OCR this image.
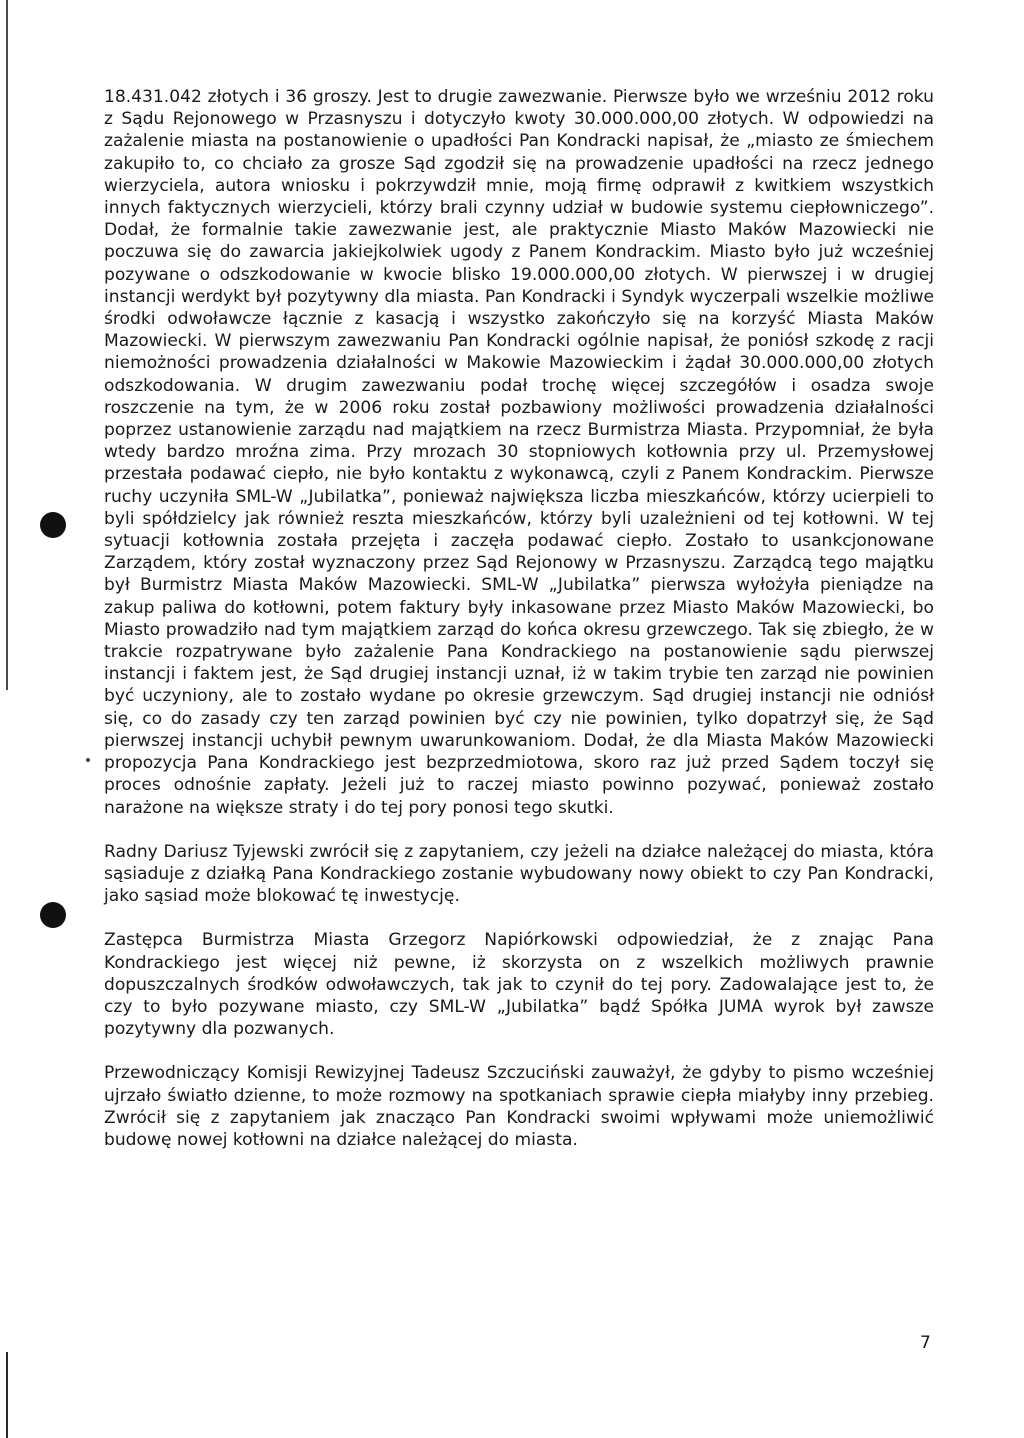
18.431.042 złotych i 36 groszy. Jest to drugie zawezwanie. Pierwsze było we wrześniu 2012 roku z Sądu Rejonowego w Przasnyszu i dotyczyło kwoty 30.000.000,00 złotych. W odpowiedzi na zażalenie miasta na postanowienie o upadłości Pan Kondracki napisał, że „miasto ze śmiechem zakupiło to, co chciało za grosze Sąd zgodził się na prowadzenie upadłości na rzecz jednego wierzyciela, autora wniosku i pokrzywdził mnie, moją firmę odprawił z kwitkiem wszystkich innych faktycznych wierzycieli, którzy brali czynny udział w budowie systemu ciepłowniczego”. Dodał, że formalnie takie zawezwanie jest, ale praktycznie Miasto Maków Mazowiecki nie poczuwa się do zawarcia jakiejkolwiek ugody z Panem Kondrackim. Miasto było już wcześniej pozywane o odszkodowanie w kwocie blisko 19.000.000,00 złotych. W pierwszej i w drugiej instancji werdykt był pozytywny dla miasta. Pan Kondracki i Syndyk wyczerpali wszelkie możliwe środki odwoławcze łącznie z kasacją i wszystko zakończyło się na korzyść Miasta Maków Mazowiecki. W pierwszym zawezwaniu Pan Kondracki ogólnie napisał, że poniósł szkodę z racji niemożności prowadzenia działalności w Makowie Mazowieckim i żądał 30.000.000,00 złotych odszkodowania. W drugim zawezwaniu podał trochę więcej szczegółów i osadza swoje roszczenie na tym, że w 2006 roku został pozbawiony możliwości prowadzenia działalności poprzez ustanowienie zarządu nad majątkiem na rzecz Burmistrza Miasta. Przypomniał, że była wtedy bardzo mroźna zima. Przy mrozach 30 stopniowych kotłownia przy ul. Przemysłowej przestała podawać ciepło, nie było kontaktu z wykonawcą, czyli z Panem Kondrackim. Pierwsze ruchy uczyniła SML-W „Jubilatka”, ponieważ największa liczba mieszkańców, którzy ucierpieli to byli spółdzielcy jak również reszta mieszkańców, którzy byli uzależnieni od tej kotłowni. W tej sytuacji kotłownia została przejęta i zaczęła podawać ciepło. Zostało to usankcjonowane Zarządem, który został wyznaczony przez Sąd Rejonowy w Przasnyszu. Zarządcą tego majątku był Burmistrz Miasta Maków Mazowiecki. SML-W „Jubilatka” pierwsza wyłożyła pieniądze na zakup paliwa do kotłowni, potem faktury były inkasowane przez Miasto Maków Mazowiecki, bo Miasto prowadziło nad tym majątkiem zarząd do końca okresu grzewczego. Tak się zbiegło, że w trakcie rozpatrywane było zażalenie Pana Kondrackiego na postanowienie sądu pierwszej instancji i faktem jest, że Sąd drugiej instancji uznał, iż w takim trybie ten zarząd nie powinien być uczyniony, ale to zostało wydane po okresie grzewczym. Sąd drugiej instancji nie odniósł się, co do zasady czy ten zarząd powinien być czy nie powinien, tylko dopatrzył się, że Sąd pierwszej instancji uchybił pewnym uwarunkowaniom. Dodał, że dla Miasta Maków Mazowiecki propozycja Pana Kondrackiego jest bezprzedmiotowa, skoro raz już przed Sądem toczył się proces odnośnie zapłaty. Jeżeli już to raczej miasto powinno pozywać, ponieważ zostało narażone na większe straty i do tej pory ponosi tego skutki.

Radny Dariusz Tyjewski zwrócił się z zapytaniem, czy jeżeli na działce należącej do miasta, która sąsiaduje z działką Pana Kondrackiego zostanie wybudowany nowy obiekt to czy Pan Kondracki, jako sąsiad może blokować tę inwestycję.

Zastępca Burmistrza Miasta Grzegorz Napiórkowski odpowiedział, że z znając Pana Kondrackiego jest więcej niż pewne, iż skorzysta on z wszelkich możliwych prawnie dopuszczalnych środków odwoławczych, tak jak to czynił do tej pory. Zadowalające jest to, że czy to było pozywane miasto, czy SML-W „Jubilatka” bądź Spółka JUMA wyrok był zawsze pozytywny dla pozwanych.

Przewodniczący Komisji Rewizyjnej Tadeusz Szczuciński zauważył, że gdyby to pismo wcześniej ujrzało światło dzienne, to może rozmowy na spotkaniach sprawie ciepła miałyby inny przebieg. Zwrócił się z zapytaniem jak znacząco Pan Kondracki swoimi wpływami może uniemożliwić budowę nowej kotłowni na działce należącej do miasta.

7
